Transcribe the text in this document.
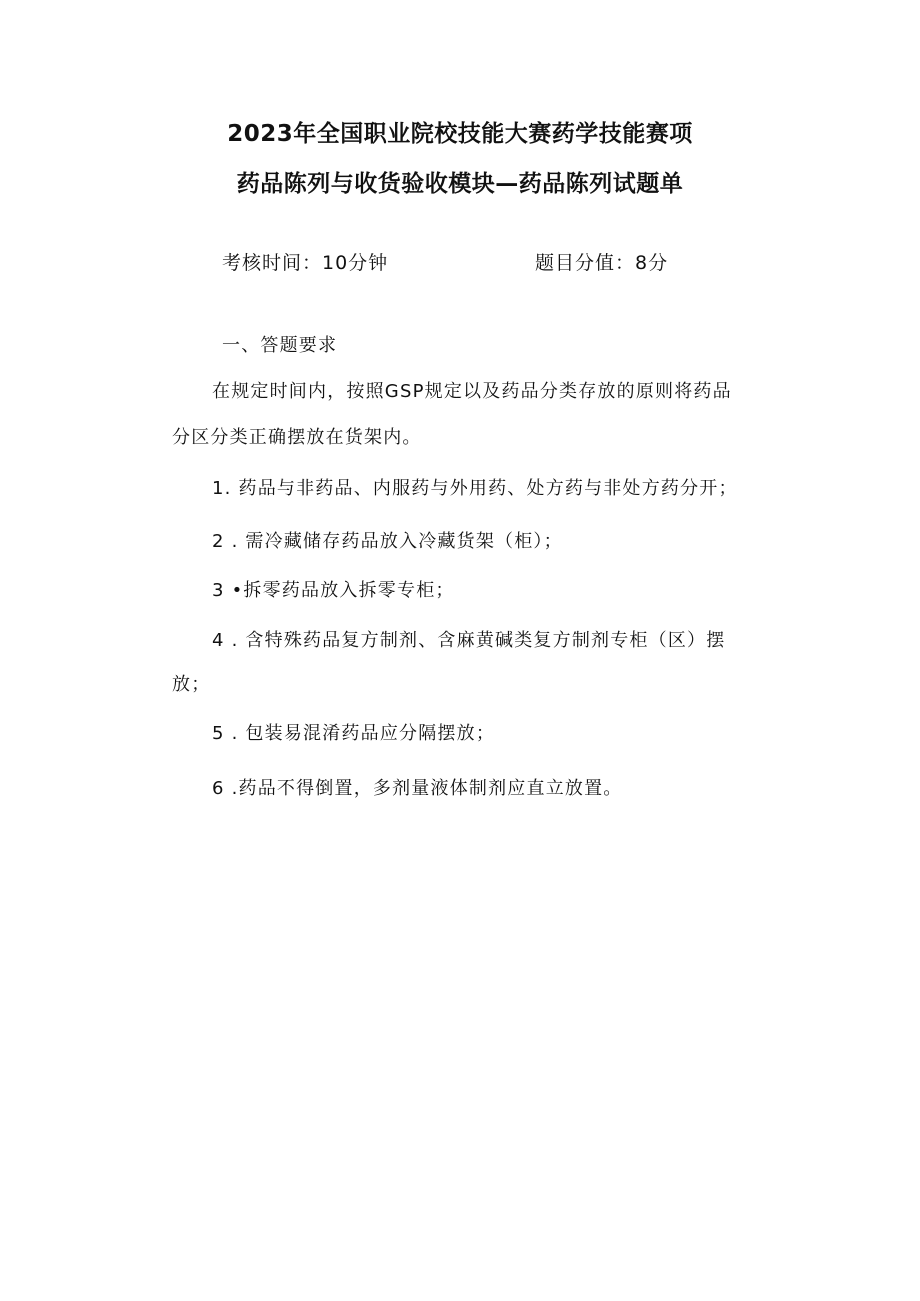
2023年全国职业院校技能大赛药学技能赛项
药品陈列与收货验收模块—药品陈列试题单
考核时间：10分钟	题目分值：8分
一、答题要求
在规定时间内，按照GSP规定以及药品分类存放的原则将药品
分区分类正确摆放在货架内。
1. 药品与非药品、内服药与外用药、处方药与非处方药分开；
2 . 需冷藏储存药品放入冷藏货架（柜）；
3 •拆零药品放入拆零专柜；
4 . 含特殊药品复方制剂、含麻黄碱类复方制剂专柜（区）摆
放；
5 . 包装易混淆药品应分隔摆放；
6 .药品不得倒置，多剂量液体制剂应直立放置。
